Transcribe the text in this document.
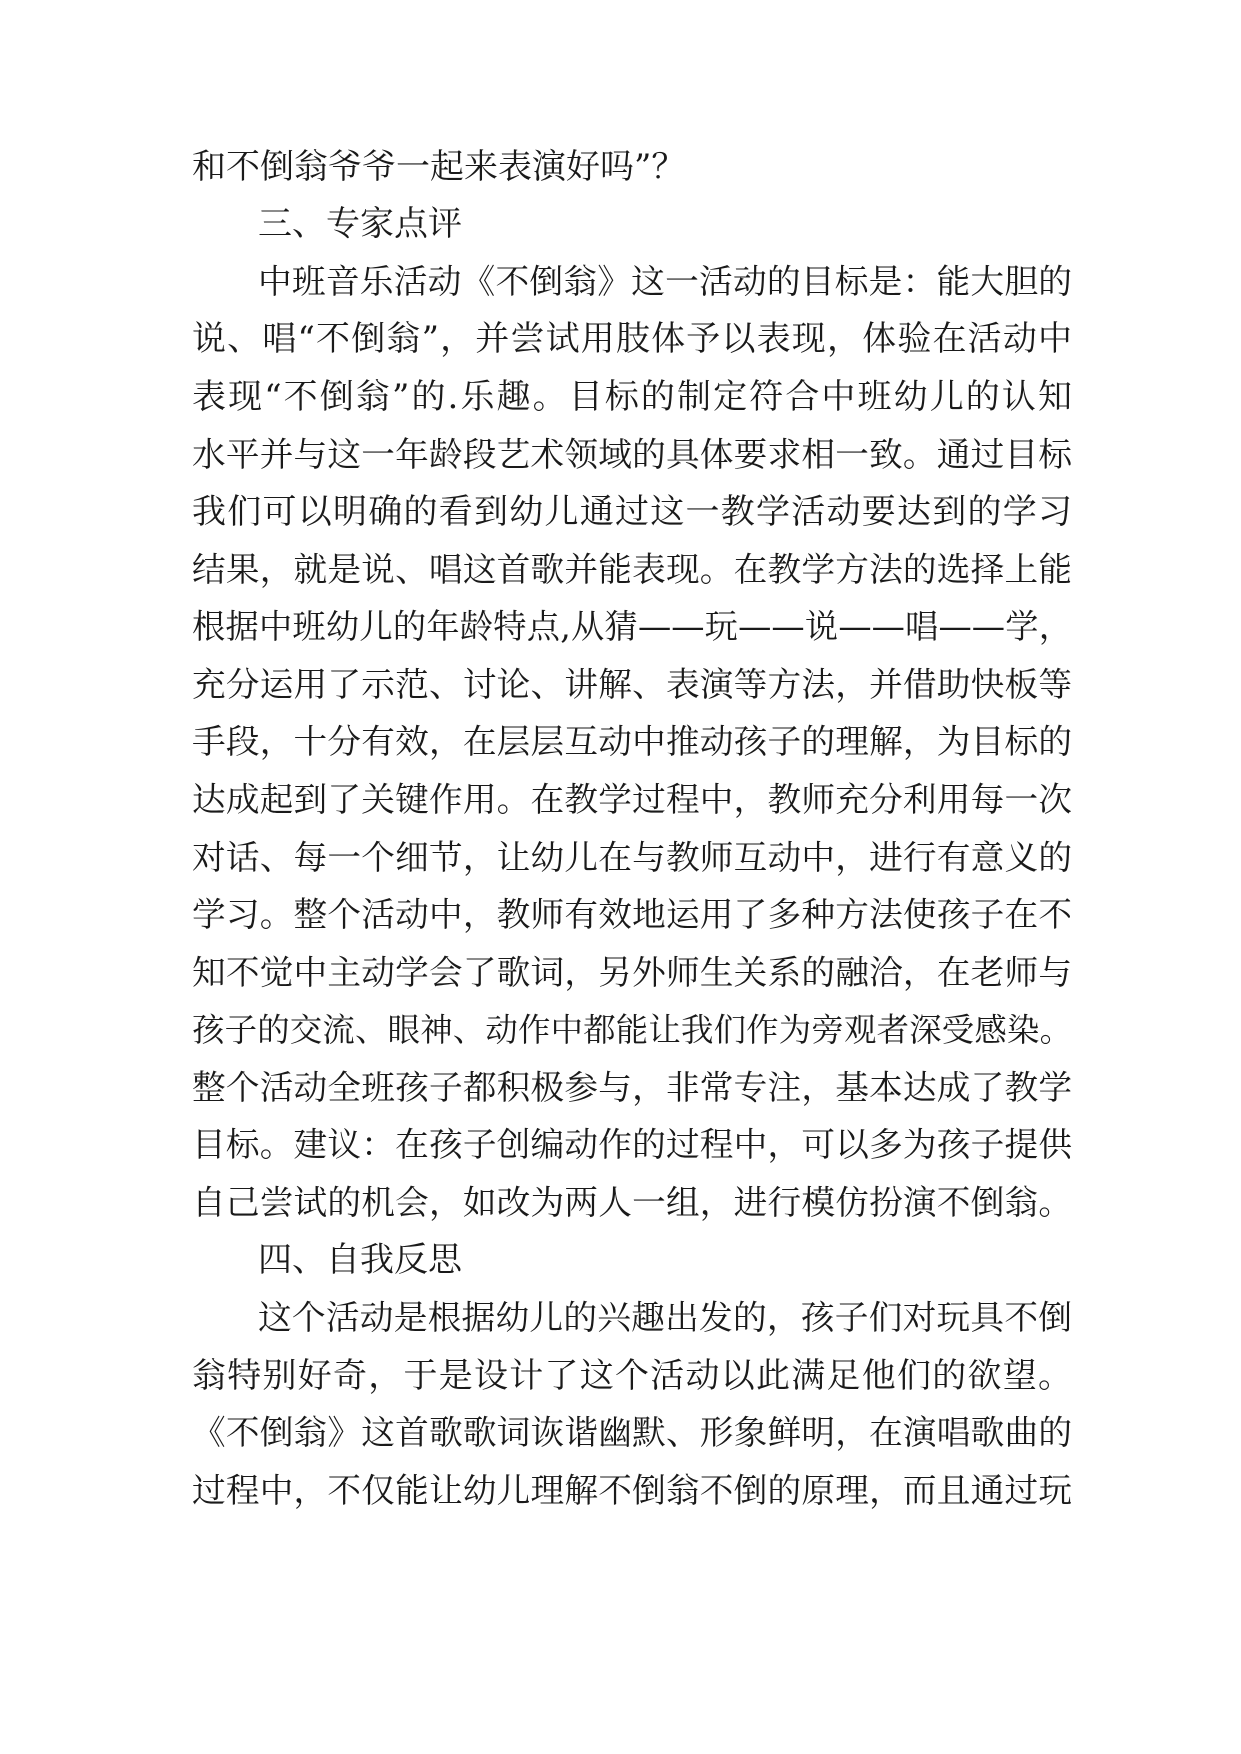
和不倒翁爷爷一起来表演好吗”？
三、专家点评
中班音乐活动《不倒翁》这一活动的目标是：能大胆的
说、唱“不倒翁”，并尝试用肢体予以表现，体验在活动中
表现“不倒翁”的.乐趣。目标的制定符合中班幼儿的认知
水平并与这一年龄段艺术领域的具体要求相一致。通过目标
我们可以明确的看到幼儿通过这一教学活动要达到的学习
结果，就是说、唱这首歌并能表现。在教学方法的选择上能
根据中班幼儿的年龄特点,从猜——玩——说——唱——学，
充分运用了示范、讨论、讲解、表演等方法，并借助快板等
手段，十分有效，在层层互动中推动孩子的理解，为目标的
达成起到了关键作用。在教学过程中，教师充分利用每一次
对话、每一个细节，让幼儿在与教师互动中，进行有意义的
学习。整个活动中，教师有效地运用了多种方法使孩子在不
知不觉中主动学会了歌词，另外师生关系的融洽，在老师与
孩子的交流、眼神、动作中都能让我们作为旁观者深受感染。
整个活动全班孩子都积极参与，非常专注，基本达成了教学
目标。建议：在孩子创编动作的过程中，可以多为孩子提供
自己尝试的机会，如改为两人一组，进行模仿扮演不倒翁。
四、自我反思
这个活动是根据幼儿的兴趣出发的，孩子们对玩具不倒
翁特别好奇，于是设计了这个活动以此满足他们的欲望。
《不倒翁》这首歌歌词诙谐幽默、形象鲜明，在演唱歌曲的
过程中，不仅能让幼儿理解不倒翁不倒的原理，而且通过玩
